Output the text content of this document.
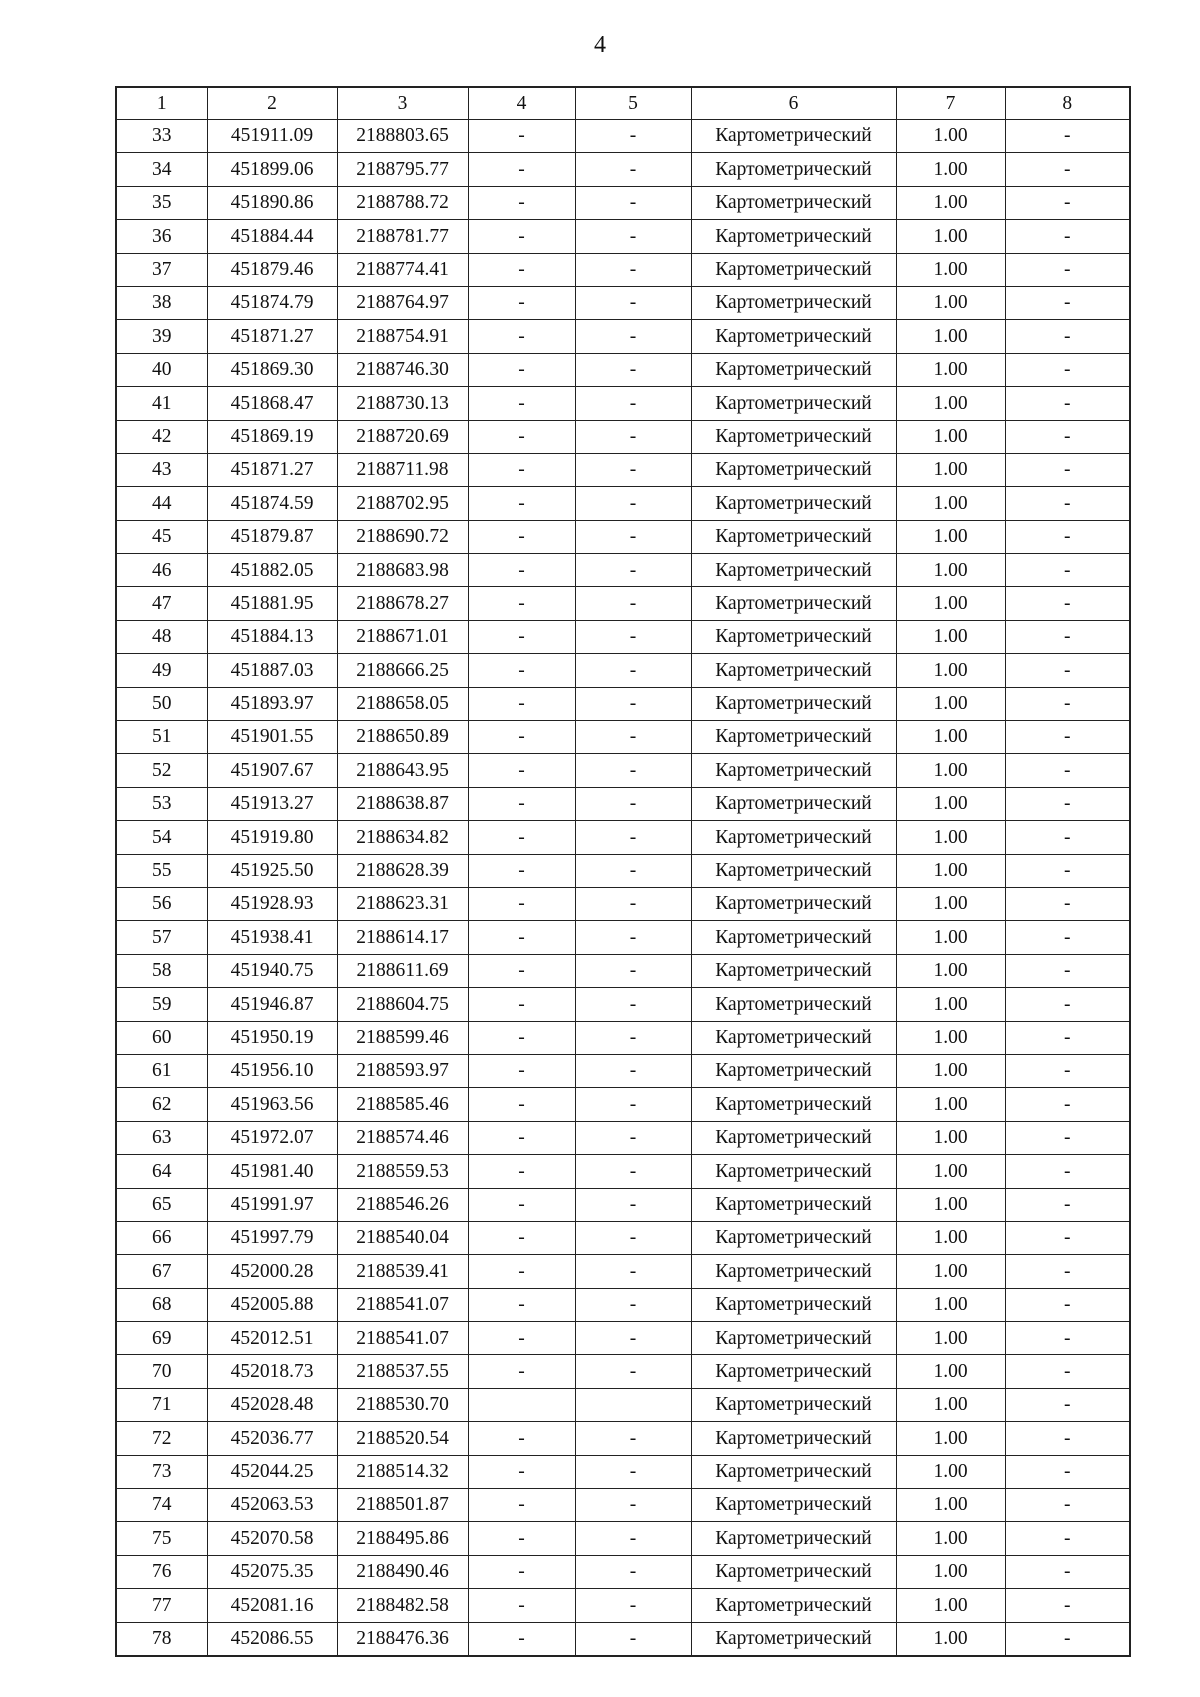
4
1	2	3	4	5	6	7	8
33	451911.09	2188803.65	-	-	Картометрический	1.00	-
34	451899.06	2188795.77	-	-	Картометрический	1.00	-
35	451890.86	2188788.72	-	-	Картометрический	1.00	-
36	451884.44	2188781.77	-	-	Картометрический	1.00	-
37	451879.46	2188774.41	-	-	Картометрический	1.00	-
38	451874.79	2188764.97	-	-	Картометрический	1.00	-
39	451871.27	2188754.91	-	-	Картометрический	1.00	-
40	451869.30	2188746.30	-	-	Картометрический	1.00	-
41	451868.47	2188730.13	-	-	Картометрический	1.00	-
42	451869.19	2188720.69	-	-	Картометрический	1.00	-
43	451871.27	2188711.98	-	-	Картометрический	1.00	-
44	451874.59	2188702.95	-	-	Картометрический	1.00	-
45	451879.87	2188690.72	-	-	Картометрический	1.00	-
46	451882.05	2188683.98	-	-	Картометрический	1.00	-
47	451881.95	2188678.27	-	-	Картометрический	1.00	-
48	451884.13	2188671.01	-	-	Картометрический	1.00	-
49	451887.03	2188666.25	-	-	Картометрический	1.00	-
50	451893.97	2188658.05	-	-	Картометрический	1.00	-
51	451901.55	2188650.89	-	-	Картометрический	1.00	-
52	451907.67	2188643.95	-	-	Картометрический	1.00	-
53	451913.27	2188638.87	-	-	Картометрический	1.00	-
54	451919.80	2188634.82	-	-	Картометрический	1.00	-
55	451925.50	2188628.39	-	-	Картометрический	1.00	-
56	451928.93	2188623.31	-	-	Картометрический	1.00	-
57	451938.41	2188614.17	-	-	Картометрический	1.00	-
58	451940.75	2188611.69	-	-	Картометрический	1.00	-
59	451946.87	2188604.75	-	-	Картометрический	1.00	-
60	451950.19	2188599.46	-	-	Картометрический	1.00	-
61	451956.10	2188593.97	-	-	Картометрический	1.00	-
62	451963.56	2188585.46	-	-	Картометрический	1.00	-
63	451972.07	2188574.46	-	-	Картометрический	1.00	-
64	451981.40	2188559.53	-	-	Картометрический	1.00	-
65	451991.97	2188546.26	-	-	Картометрический	1.00	-
66	451997.79	2188540.04	-	-	Картометрический	1.00	-
67	452000.28	2188539.41	-	-	Картометрический	1.00	-
68	452005.88	2188541.07	-	-	Картометрический	1.00	-
69	452012.51	2188541.07	-	-	Картометрический	1.00	-
70	452018.73	2188537.55	-	-	Картометрический	1.00	-
71	452028.48	2188530.70			Картометрический	1.00	-
72	452036.77	2188520.54	-	-	Картометрический	1.00	-
73	452044.25	2188514.32	-	-	Картометрический	1.00	-
74	452063.53	2188501.87	-	-	Картометрический	1.00	-
75	452070.58	2188495.86	-	-	Картометрический	1.00	-
76	452075.35	2188490.46	-	-	Картометрический	1.00	-
77	452081.16	2188482.58	-	-	Картометрический	1.00	-
78	452086.55	2188476.36	-	-	Картометрический	1.00	-
